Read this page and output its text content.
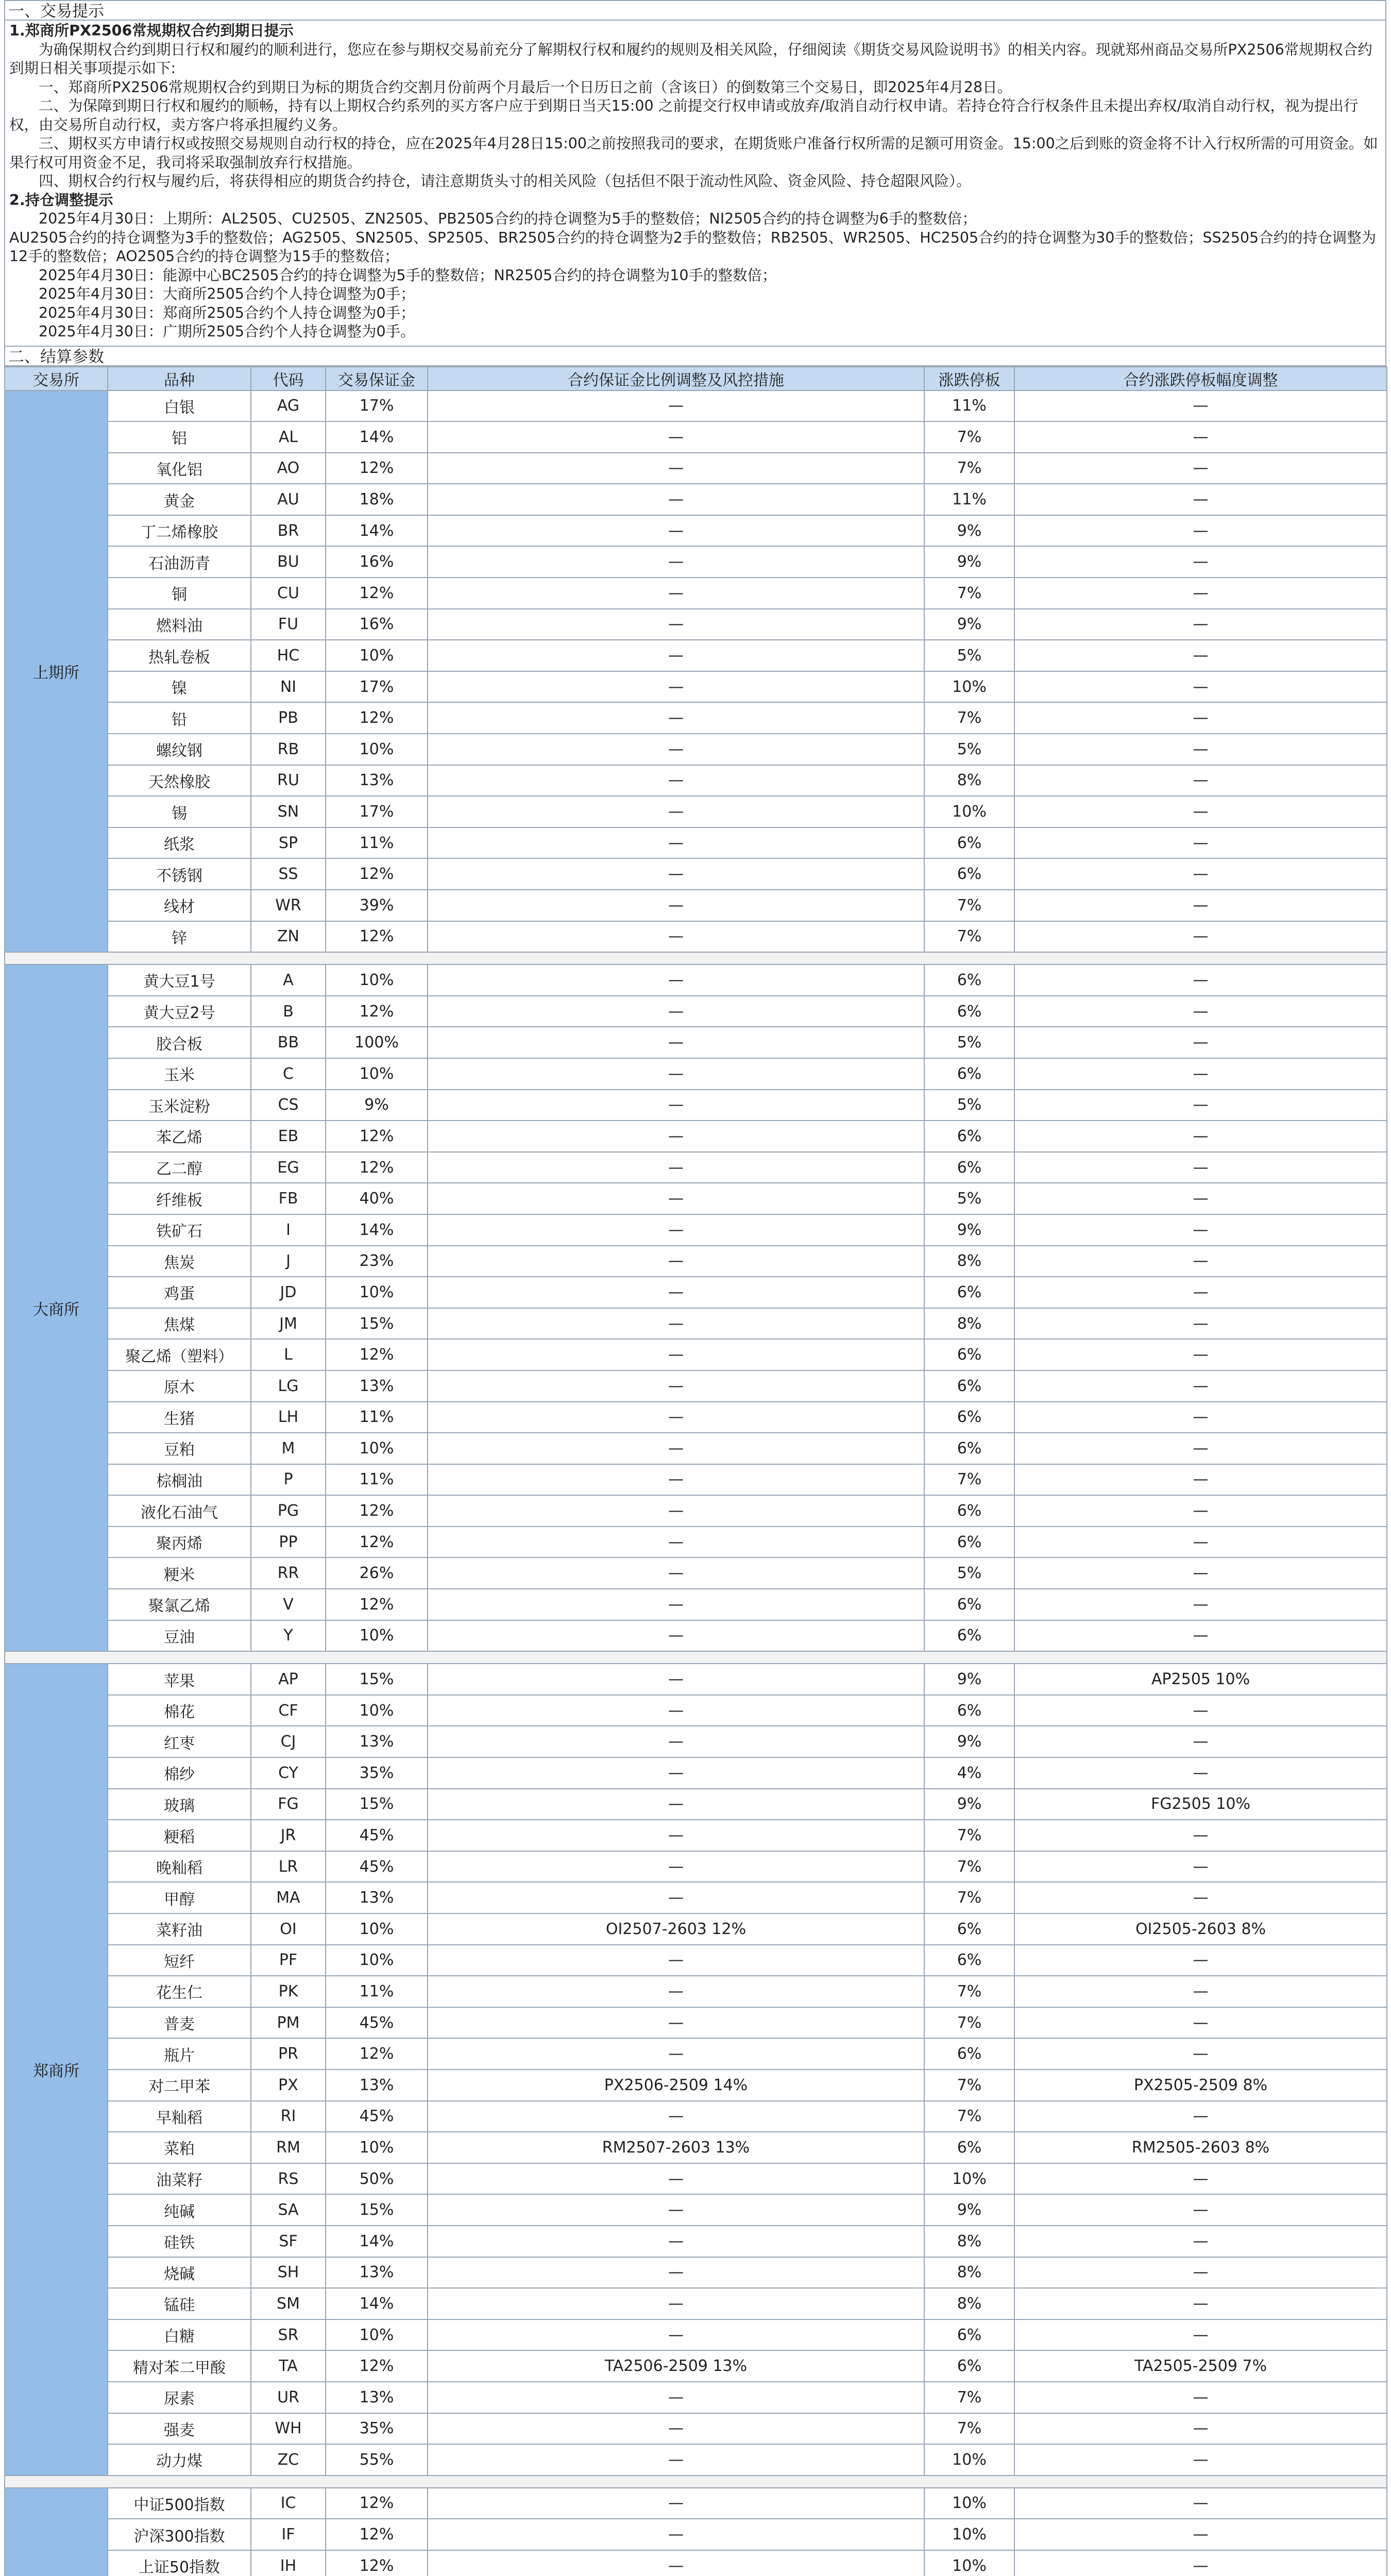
一、交易提示
1.郑商所PX2506常规期权合约到期日提示
为确保期权合约到期日行权和履约的顺利进行，您应在参与期权交易前充分了解期权行权和履约的规则及相关风险，仔细阅读《期货交易风险说明书》的相关内容。现就郑州商品交易所PX2506常规期权合约到期日相关事项提示如下:
一、郑商所PX2506常规期权合约到期日为标的期货合约交割月份前两个月最后一个日历日之前（含该日）的倒数第三个交易日，即2025年4月28日。
二、为保障到期日行权和履约的顺畅，持有以上期权合约系列的买方客户应于到期日当天15:00 之前提交行权申请或放弃/取消自动行权申请。若持仓符合行权条件且未提出弃权/取消自动行权，视为提出行权，由交易所自动行权，卖方客户将承担履约义务。
三、期权买方申请行权或按照交易规则自动行权的持仓，应在2025年4月28日15:00之前按照我司的要求，在期货账户准备行权所需的足额可用资金。15:00之后到账的资金将不计入行权所需的可用资金。如果行权可用资金不足，我司将采取强制放弃行权措施。
四、期权合约行权与履约后，将获得相应的期货合约持仓，请注意期货头寸的相关风险（包括但不限于流动性风险、资金风险、持仓超限风险）。
2.持仓调整提示
2025年4月30日：上期所：AL2505、CU2505、ZN2505、PB2505合约的持仓调整为5手的整数倍；NI2505合约的持仓调整为6手的整数倍；
AU2505合约的持仓调整为3手的整数倍；AG2505、SN2505、SP2505、BR2505合约的持仓调整为2手的整数倍；RB2505、WR2505、HC2505合约的持仓调整为30手的整数倍；SS2505合约的持仓调整为12手的整数倍；AO2505合约的持仓调整为15手的整数倍；
2025年4月30日：能源中心BC2505合约的持仓调整为5手的整数倍；NR2505合约的持仓调整为10手的整数倍；
2025年4月30日：大商所2505合约个人持仓调整为0手；
2025年4月30日：郑商所2505合约个人持仓调整为0手；
2025年4月30日：广期所2505合约个人持仓调整为0手。
二、结算参数
交易所	品种	代码	交易保证金	合约保证金比例调整及风控措施	涨跌停板	合约涨跌停板幅度调整
上期所	白银	AG	17%	—	11%	—
	铝	AL	14%	—	7%	—
	氧化铝	AO	12%	—	7%	—
	黄金	AU	18%	—	11%	—
	丁二烯橡胶	BR	14%	—	9%	—
	石油沥青	BU	16%	—	9%	—
	铜	CU	12%	—	7%	—
	燃料油	FU	16%	—	9%	—
	热轧卷板	HC	10%	—	5%	—
	镍	NI	17%	—	10%	—
	铅	PB	12%	—	7%	—
	螺纹钢	RB	10%	—	5%	—
	天然橡胶	RU	13%	—	8%	—
	锡	SN	17%	—	10%	—
	纸浆	SP	11%	—	6%	—
	不锈钢	SS	12%	—	6%	—
	线材	WR	39%	—	7%	—
	锌	ZN	12%	—	7%	—

大商所	黄大豆1号	A	10%	—	6%	—
	黄大豆2号	B	12%	—	6%	—
	胶合板	BB	100%	—	5%	—
	玉米	C	10%	—	6%	—
	玉米淀粉	CS	9%	—	5%	—
	苯乙烯	EB	12%	—	6%	—
	乙二醇	EG	12%	—	6%	—
	纤维板	FB	40%	—	5%	—
	铁矿石	I	14%	—	9%	—
	焦炭	J	23%	—	8%	—
	鸡蛋	JD	10%	—	6%	—
	焦煤	JM	15%	—	8%	—
	聚乙烯（塑料）	L	12%	—	6%	—
	原木	LG	13%	—	6%	—
	生猪	LH	11%	—	6%	—
	豆粕	M	10%	—	6%	—
	棕榈油	P	11%	—	7%	—
	液化石油气	PG	12%	—	6%	—
	聚丙烯	PP	12%	—	6%	—
	粳米	RR	26%	—	5%	—
	聚氯乙烯	V	12%	—	6%	—
	豆油	Y	10%	—	6%	—

郑商所	苹果	AP	15%	—	9%	AP2505 10%
	棉花	CF	10%	—	6%	—
	红枣	CJ	13%	—	9%	—
	棉纱	CY	35%	—	4%	—
	玻璃	FG	15%	—	9%	FG2505 10%
	粳稻	JR	45%	—	7%	—
	晚籼稻	LR	45%	—	7%	—
	甲醇	MA	13%	—	7%	—
	菜籽油	OI	10%	OI2507-2603 12%	6%	OI2505-2603 8%
	短纤	PF	10%	—	6%	—
	花生仁	PK	11%	—	7%	—
	普麦	PM	45%	—	7%	—
	瓶片	PR	12%	—	6%	—
	对二甲苯	PX	13%	PX2506-2509 14%	7%	PX2505-2509 8%
	早籼稻	RI	45%	—	7%	—
	菜粕	RM	10%	RM2507-2603 13%	6%	RM2505-2603 8%
	油菜籽	RS	50%	—	10%	—
	纯碱	SA	15%	—	9%	—
	硅铁	SF	14%	—	8%	—
	烧碱	SH	13%	—	8%	—
	锰硅	SM	14%	—	8%	—
	白糖	SR	10%	—	6%	—
	精对苯二甲酸	TA	12%	TA2506-2509 13%	6%	TA2505-2509 7%
	尿素	UR	13%	—	7%	—
	强麦	WH	35%	—	7%	—
	动力煤	ZC	55%	—	10%	—

	中证500指数	IC	12%	—	10%	—
	沪深300指数	IF	12%	—	10%	—
	上证50指数	IH	12%	—	10%	—
